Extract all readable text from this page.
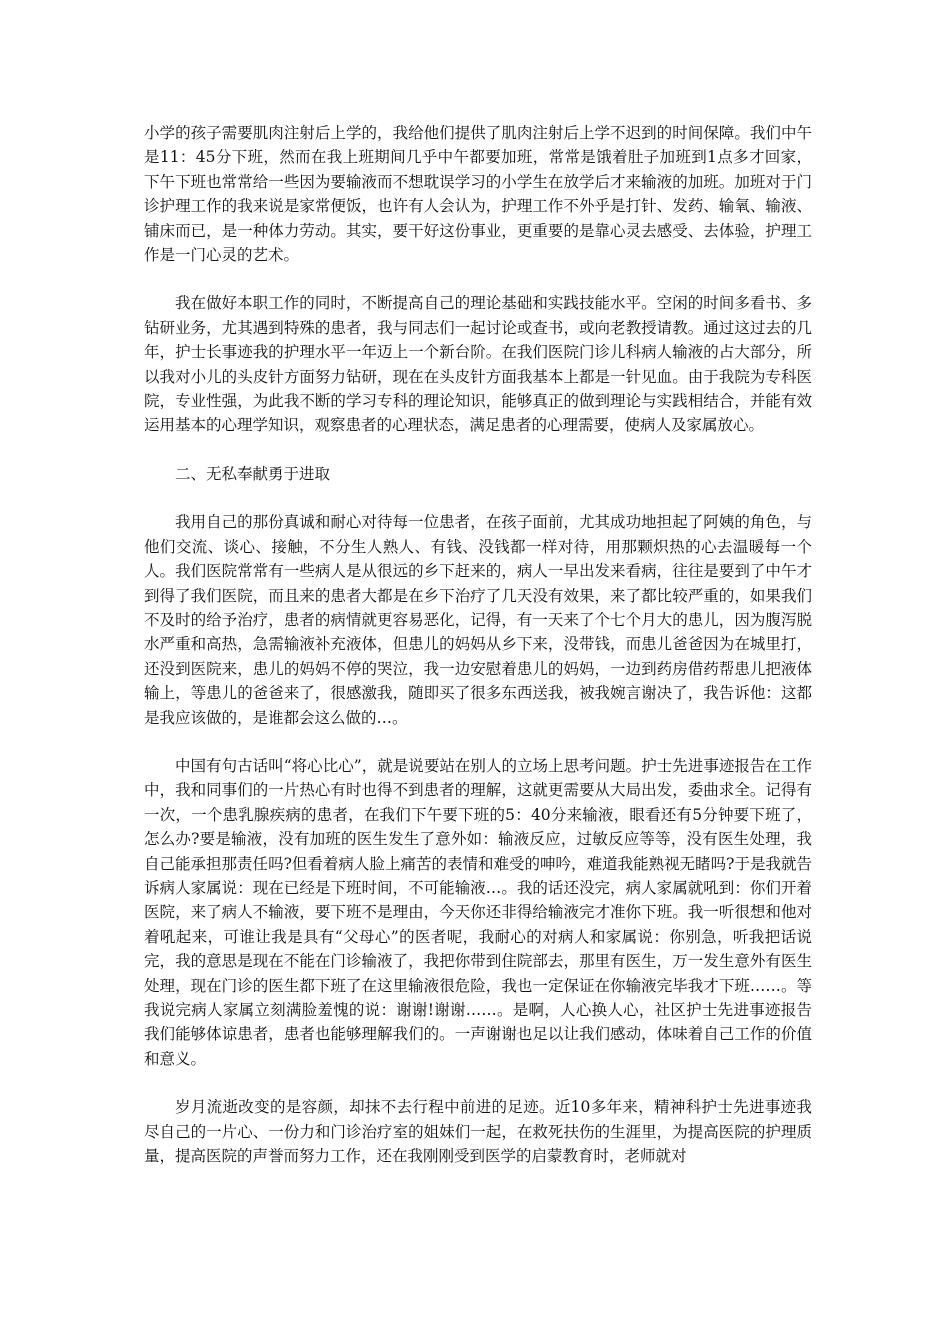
小学的孩子需要肌肉注射后上学的，我给他们提供了肌肉注射后上学不迟到的时间保障。我们中午是11：45分下班，然而在我上班期间几乎中午都要加班，常常是饿着肚子加班到1点多才回家，下午下班也常常给一些因为要输液而不想耽误学习的小学生在放学后才来输液的加班。加班对于门诊护理工作的我来说是家常便饭，也许有人会认为，护理工作不外乎是打针、发药、输氧、输液、铺床而已，是一种体力劳动。其实，要干好这份事业，更重要的是靠心灵去感受、去体验，护理工作是一门心灵的艺术。

我在做好本职工作的同时，不断提高自己的理论基础和实践技能水平。空闲的时间多看书、多钻研业务，尤其遇到特殊的患者，我与同志们一起讨论或查书，或向老教授请教。通过这过去的几年，护士长事迹我的护理水平一年迈上一个新台阶。在我们医院门诊儿科病人输液的占大部分，所以我对小儿的头皮针方面努力钻研，现在在头皮针方面我基本上都是一针见血。由于我院为专科医院，专业性强，为此我不断的学习专科的理论知识，能够真正的做到理论与实践相结合，并能有效运用基本的心理学知识，观察患者的心理状态，满足患者的心理需要，使病人及家属放心。

二、无私奉献勇于进取

我用自己的那份真诚和耐心对待每一位患者，在孩子面前，尤其成功地担起了阿姨的角色，与他们交流、谈心、接触，不分生人熟人、有钱、没钱都一样对待，用那颗炽热的心去温暖每一个人。我们医院常常有一些病人是从很远的乡下赶来的，病人一早出发来看病，往往是要到了中午才到得了我们医院，而且来的患者大都是在乡下治疗了几天没有效果，来了都比较严重的，如果我们不及时的给予治疗，患者的病情就更容易恶化，记得，有一天来了个七个月大的患儿，因为腹泻脱水严重和高热，急需输液补充液体，但患儿的妈妈从乡下来，没带钱，而患儿爸爸因为在城里打，还没到医院来，患儿的妈妈不停的哭泣，我一边安慰着患儿的妈妈，一边到药房借药帮患儿把液体输上，等患儿的爸爸来了，很感激我，随即买了很多东西送我，被我婉言谢决了，我告诉他：这都是我应该做的，是谁都会这么做的…。

中国有句古话叫“将心比心”，就是说要站在别人的立场上思考问题。护士先进事迹报告在工作中，我和同事们的一片热心有时也得不到患者的理解，这就更需要从大局出发，委曲求全。记得有一次，一个患乳腺疾病的患者，在我们下午要下班的5：40分来输液，眼看还有5分钟要下班了，怎么办?要是输液，没有加班的医生发生了意外如：输液反应，过敏反应等等，没有医生处理，我自己能承担那责任吗?但看着病人脸上痛苦的表情和难受的呻吟，难道我能熟视无睹吗?于是我就告诉病人家属说：现在已经是下班时间，不可能输液…。我的话还没完，病人家属就吼到：你们开着医院，来了病人不输液，要下班不是理由，今天你还非得给输液完才准你下班。我一听很想和他对着吼起来，可谁让我是具有“父母心”的医者呢，我耐心的对病人和家属说：你别急，听我把话说完，我的意思是现在不能在门诊输液了，我把你带到住院部去，那里有医生，万一发生意外有医生处理，现在门诊的医生都下班了在这里输液很危险，我也一定保证在你输液完毕我才下班……。等我说完病人家属立刻满脸羞愧的说：谢谢!谢谢……。是啊，人心换人心，社区护士先进事迹报告我们能够体谅患者，患者也能够理解我们的。一声谢谢也足以让我们感动，体味着自己工作的价值和意义。

岁月流逝改变的是容颜，却抹不去行程中前进的足迹。近10多年来，精神科护士先进事迹我尽自己的一片心、一份力和门诊治疗室的姐妹们一起，在救死扶伤的生涯里，为提高医院的护理质量，提高医院的声誉而努力工作，还在我刚刚受到医学的启蒙教育时，老师就对
